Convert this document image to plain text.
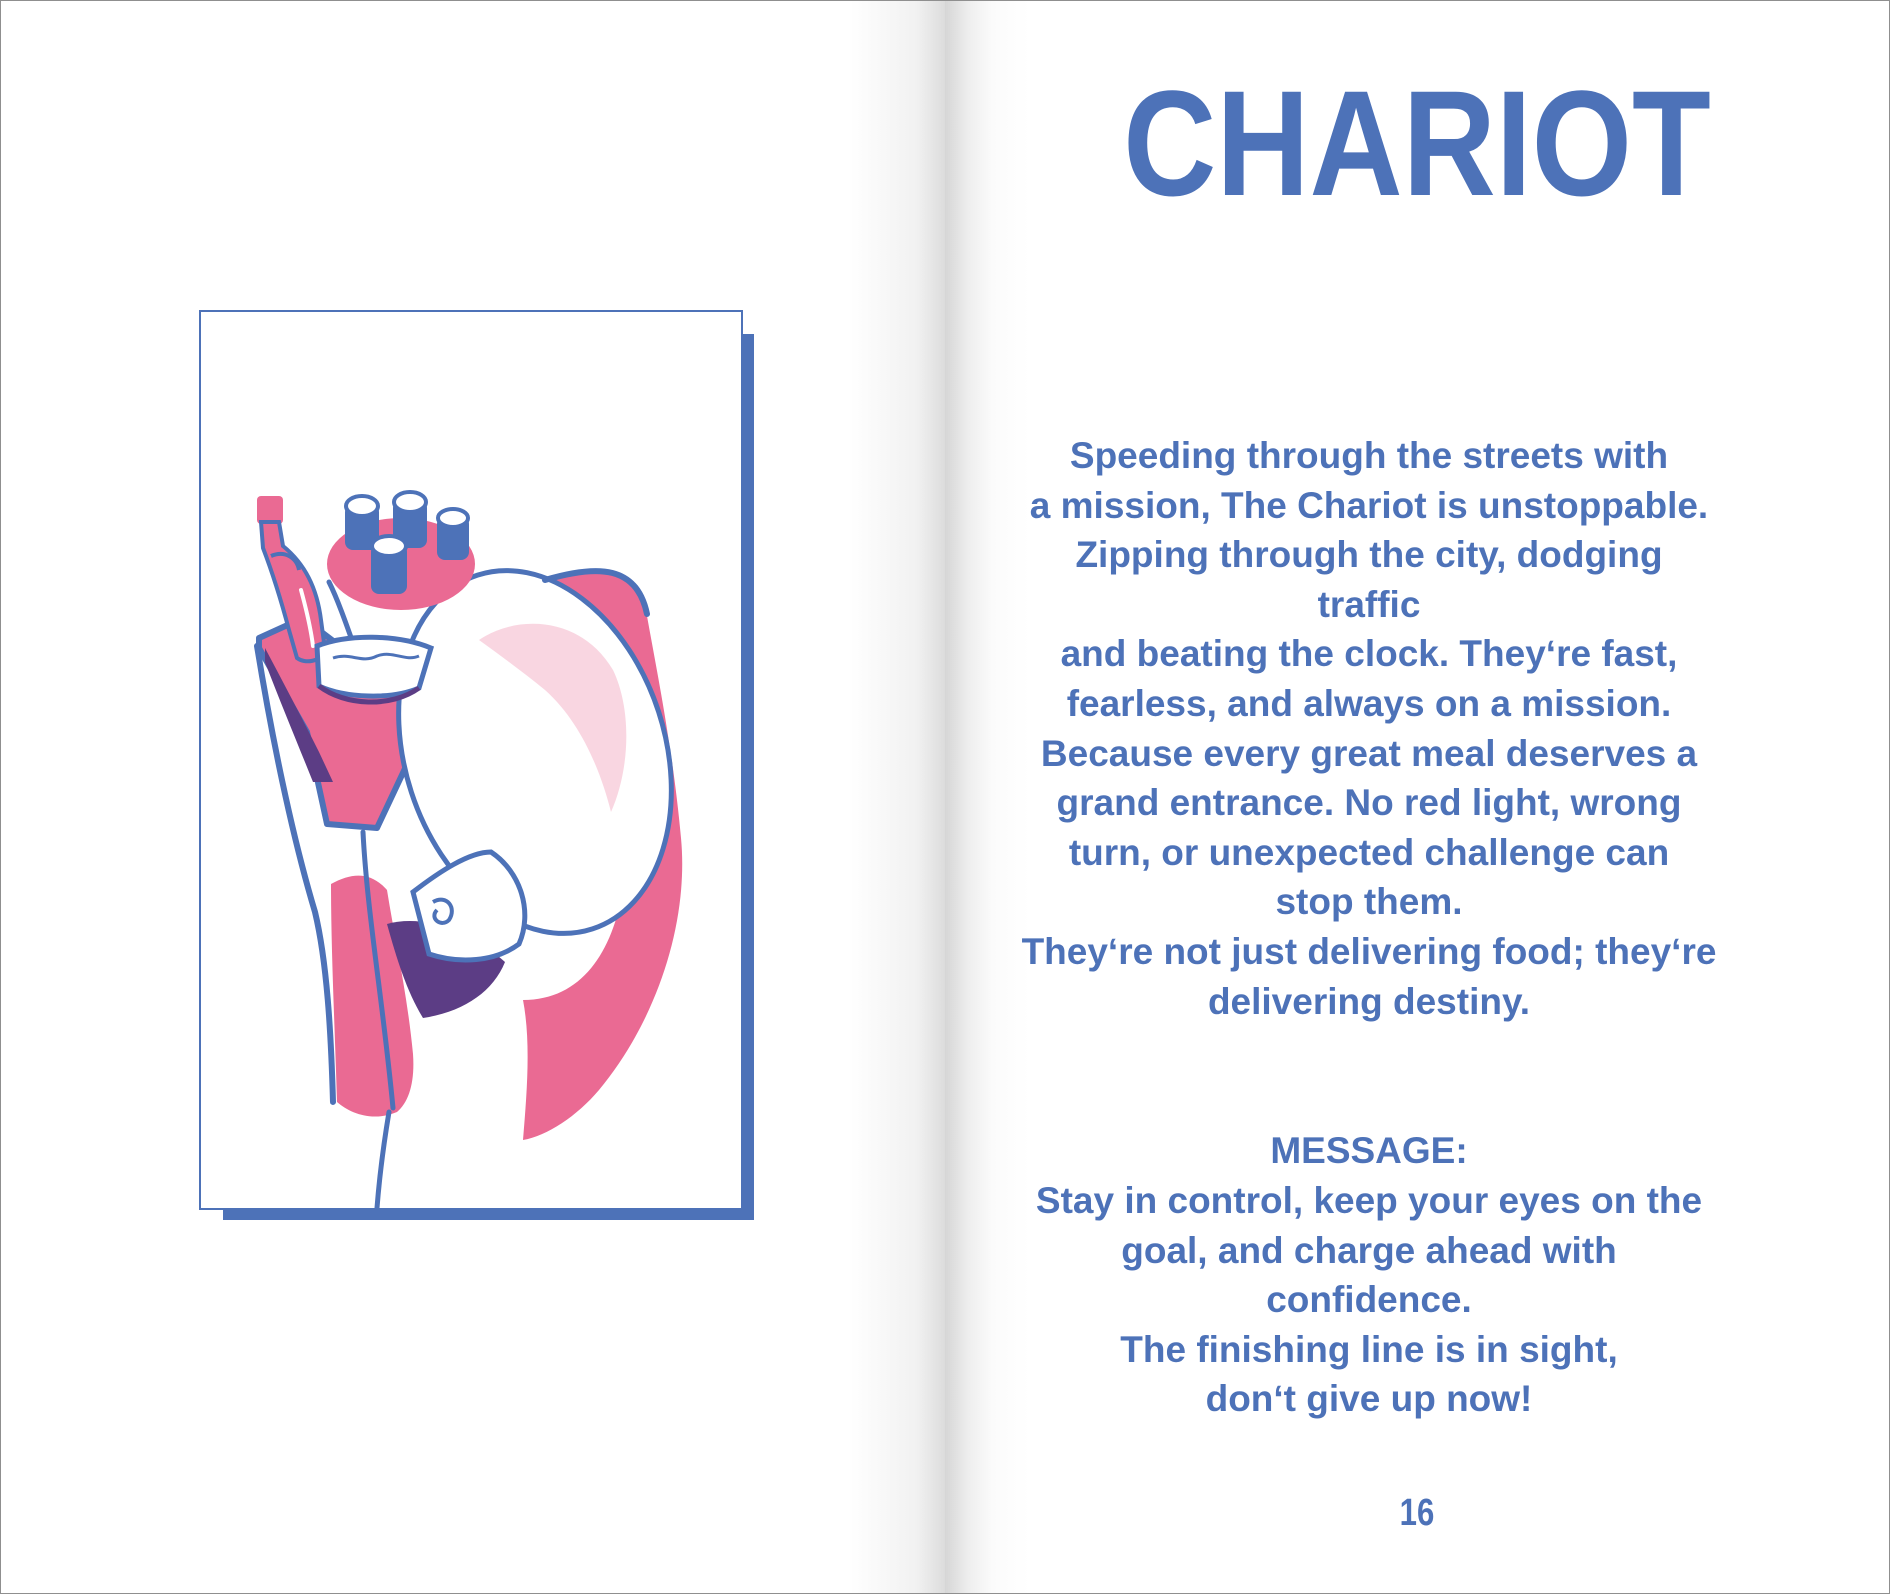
CHARIOT
Speeding through the streets with
a mission, The Chariot is unstoppable.
Zipping through the city, dodging traffic
and beating the clock. They‘re fast,
fearless, and always on a mission.
Because every great meal deserves a
grand entrance. No red light, wrong
turn, or unexpected challenge can
stop them.
They‘re not just delivering food; they‘re
delivering destiny.
MESSAGE:
Stay in control, keep your eyes on the
goal, and charge ahead with confidence.
The finishing line is in sight,
don‘t give up now!
16
